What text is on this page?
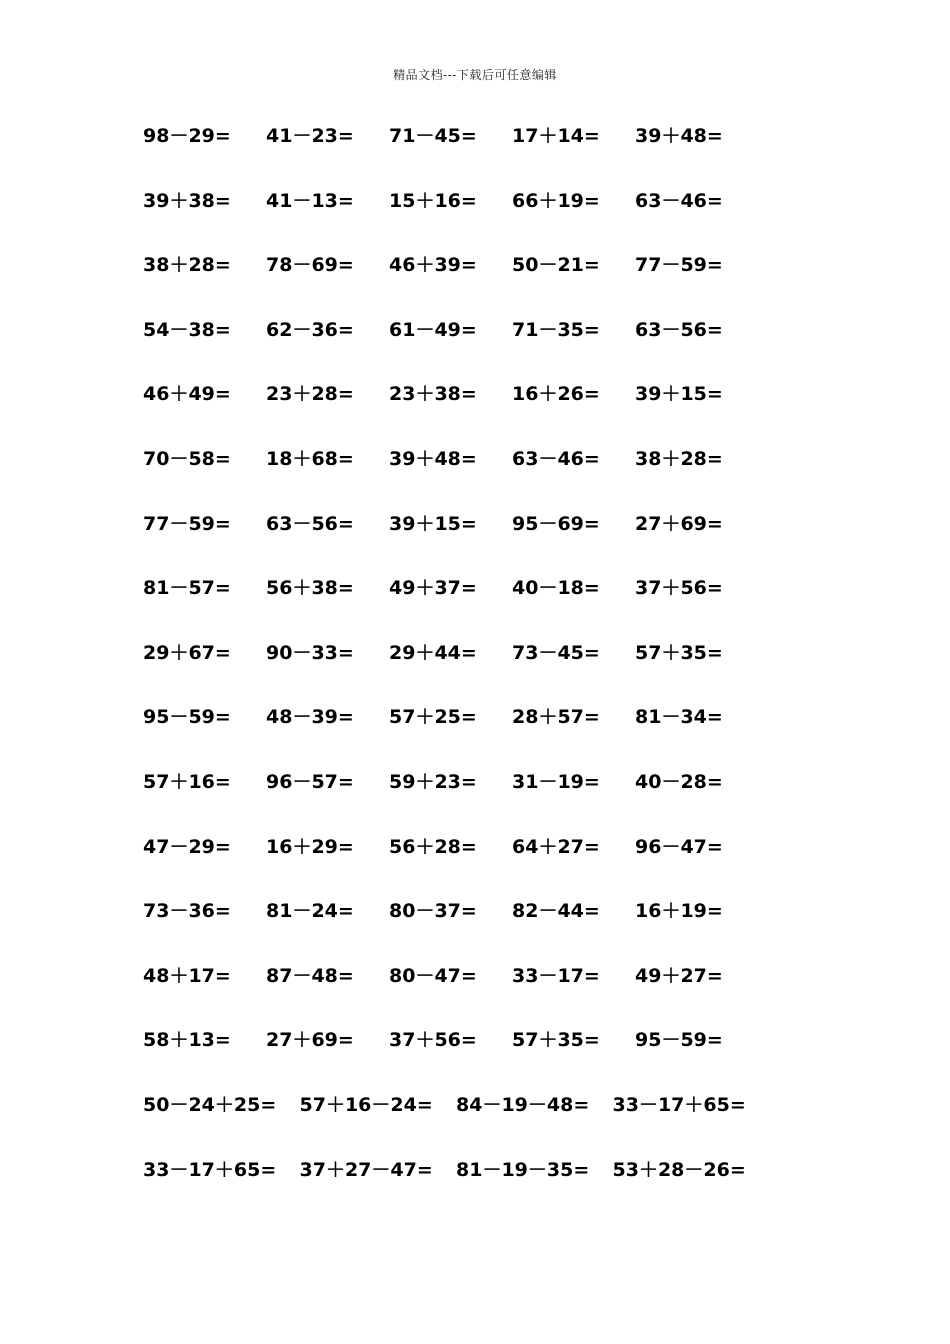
精品文档---下载后可任意编辑
98－29=	41－23=	71－45=	17＋14=	39＋48=
39＋38=	41－13=	15＋16=	66＋19=	63－46=
38＋28=	78－69=	46＋39=	50－21=	77－59=
54－38=	62－36=	61－49=	71－35=	63－56=
46＋49=	23＋28=	23＋38=	16＋26=	39＋15=
70－58=	18＋68=	39＋48=	63－46=	38＋28=
77－59=	63－56=	39＋15=	95－69=	27＋69=
81－57=	56＋38=	49＋37=	40－18=	37＋56=
29＋67=	90－33=	29＋44=	73－45=	57＋35=
95－59=	48－39=	57＋25=	28＋57=	81－34=
57＋16=	96－57=	59＋23=	31－19=	40－28=
47－29=	16＋29=	56＋28=	64＋27=	96－47=
73－36=	81－24=	80－37=	82－44=	16＋19=
48＋17=	87－48=	80－47=	33－17=	49＋27=
58＋13=	27＋69=	37＋56=	57＋35=	95－59=
50－24＋25=	57＋16－24=	84－19－48=	33－17＋65=
33－17＋65=	37＋27－47=	81－19－35=	53＋28－26=
